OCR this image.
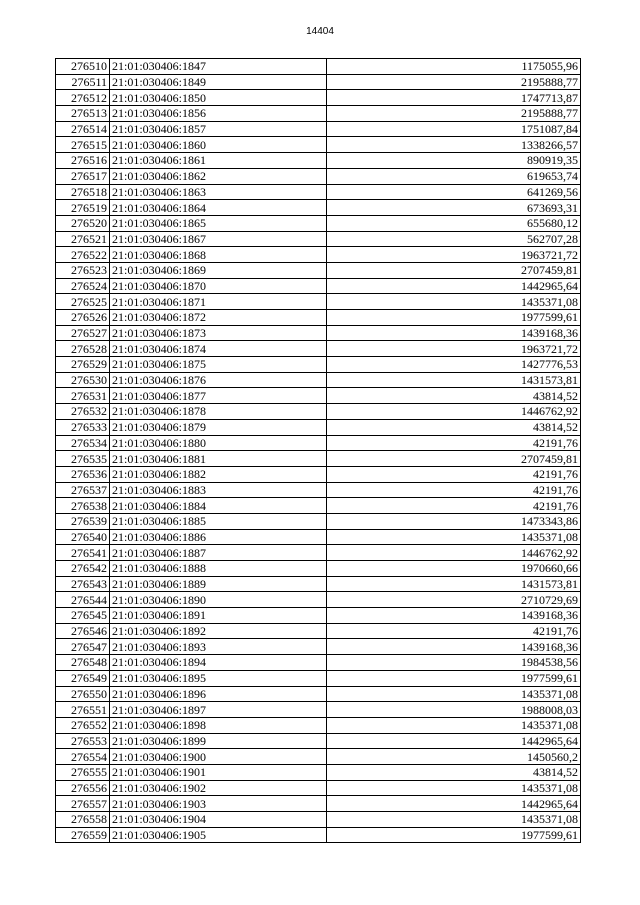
14404
276510	21:01:030406:1847	1175055,96
276511	21:01:030406:1849	2195888,77
276512	21:01:030406:1850	1747713,87
276513	21:01:030406:1856	2195888,77
276514	21:01:030406:1857	1751087,84
276515	21:01:030406:1860	1338266,57
276516	21:01:030406:1861	890919,35
276517	21:01:030406:1862	619653,74
276518	21:01:030406:1863	641269,56
276519	21:01:030406:1864	673693,31
276520	21:01:030406:1865	655680,12
276521	21:01:030406:1867	562707,28
276522	21:01:030406:1868	1963721,72
276523	21:01:030406:1869	2707459,81
276524	21:01:030406:1870	1442965,64
276525	21:01:030406:1871	1435371,08
276526	21:01:030406:1872	1977599,61
276527	21:01:030406:1873	1439168,36
276528	21:01:030406:1874	1963721,72
276529	21:01:030406:1875	1427776,53
276530	21:01:030406:1876	1431573,81
276531	21:01:030406:1877	43814,52
276532	21:01:030406:1878	1446762,92
276533	21:01:030406:1879	43814,52
276534	21:01:030406:1880	42191,76
276535	21:01:030406:1881	2707459,81
276536	21:01:030406:1882	42191,76
276537	21:01:030406:1883	42191,76
276538	21:01:030406:1884	42191,76
276539	21:01:030406:1885	1473343,86
276540	21:01:030406:1886	1435371,08
276541	21:01:030406:1887	1446762,92
276542	21:01:030406:1888	1970660,66
276543	21:01:030406:1889	1431573,81
276544	21:01:030406:1890	2710729,69
276545	21:01:030406:1891	1439168,36
276546	21:01:030406:1892	42191,76
276547	21:01:030406:1893	1439168,36
276548	21:01:030406:1894	1984538,56
276549	21:01:030406:1895	1977599,61
276550	21:01:030406:1896	1435371,08
276551	21:01:030406:1897	1988008,03
276552	21:01:030406:1898	1435371,08
276553	21:01:030406:1899	1442965,64
276554	21:01:030406:1900	1450560,2
276555	21:01:030406:1901	43814,52
276556	21:01:030406:1902	1435371,08
276557	21:01:030406:1903	1442965,64
276558	21:01:030406:1904	1435371,08
276559	21:01:030406:1905	1977599,61
